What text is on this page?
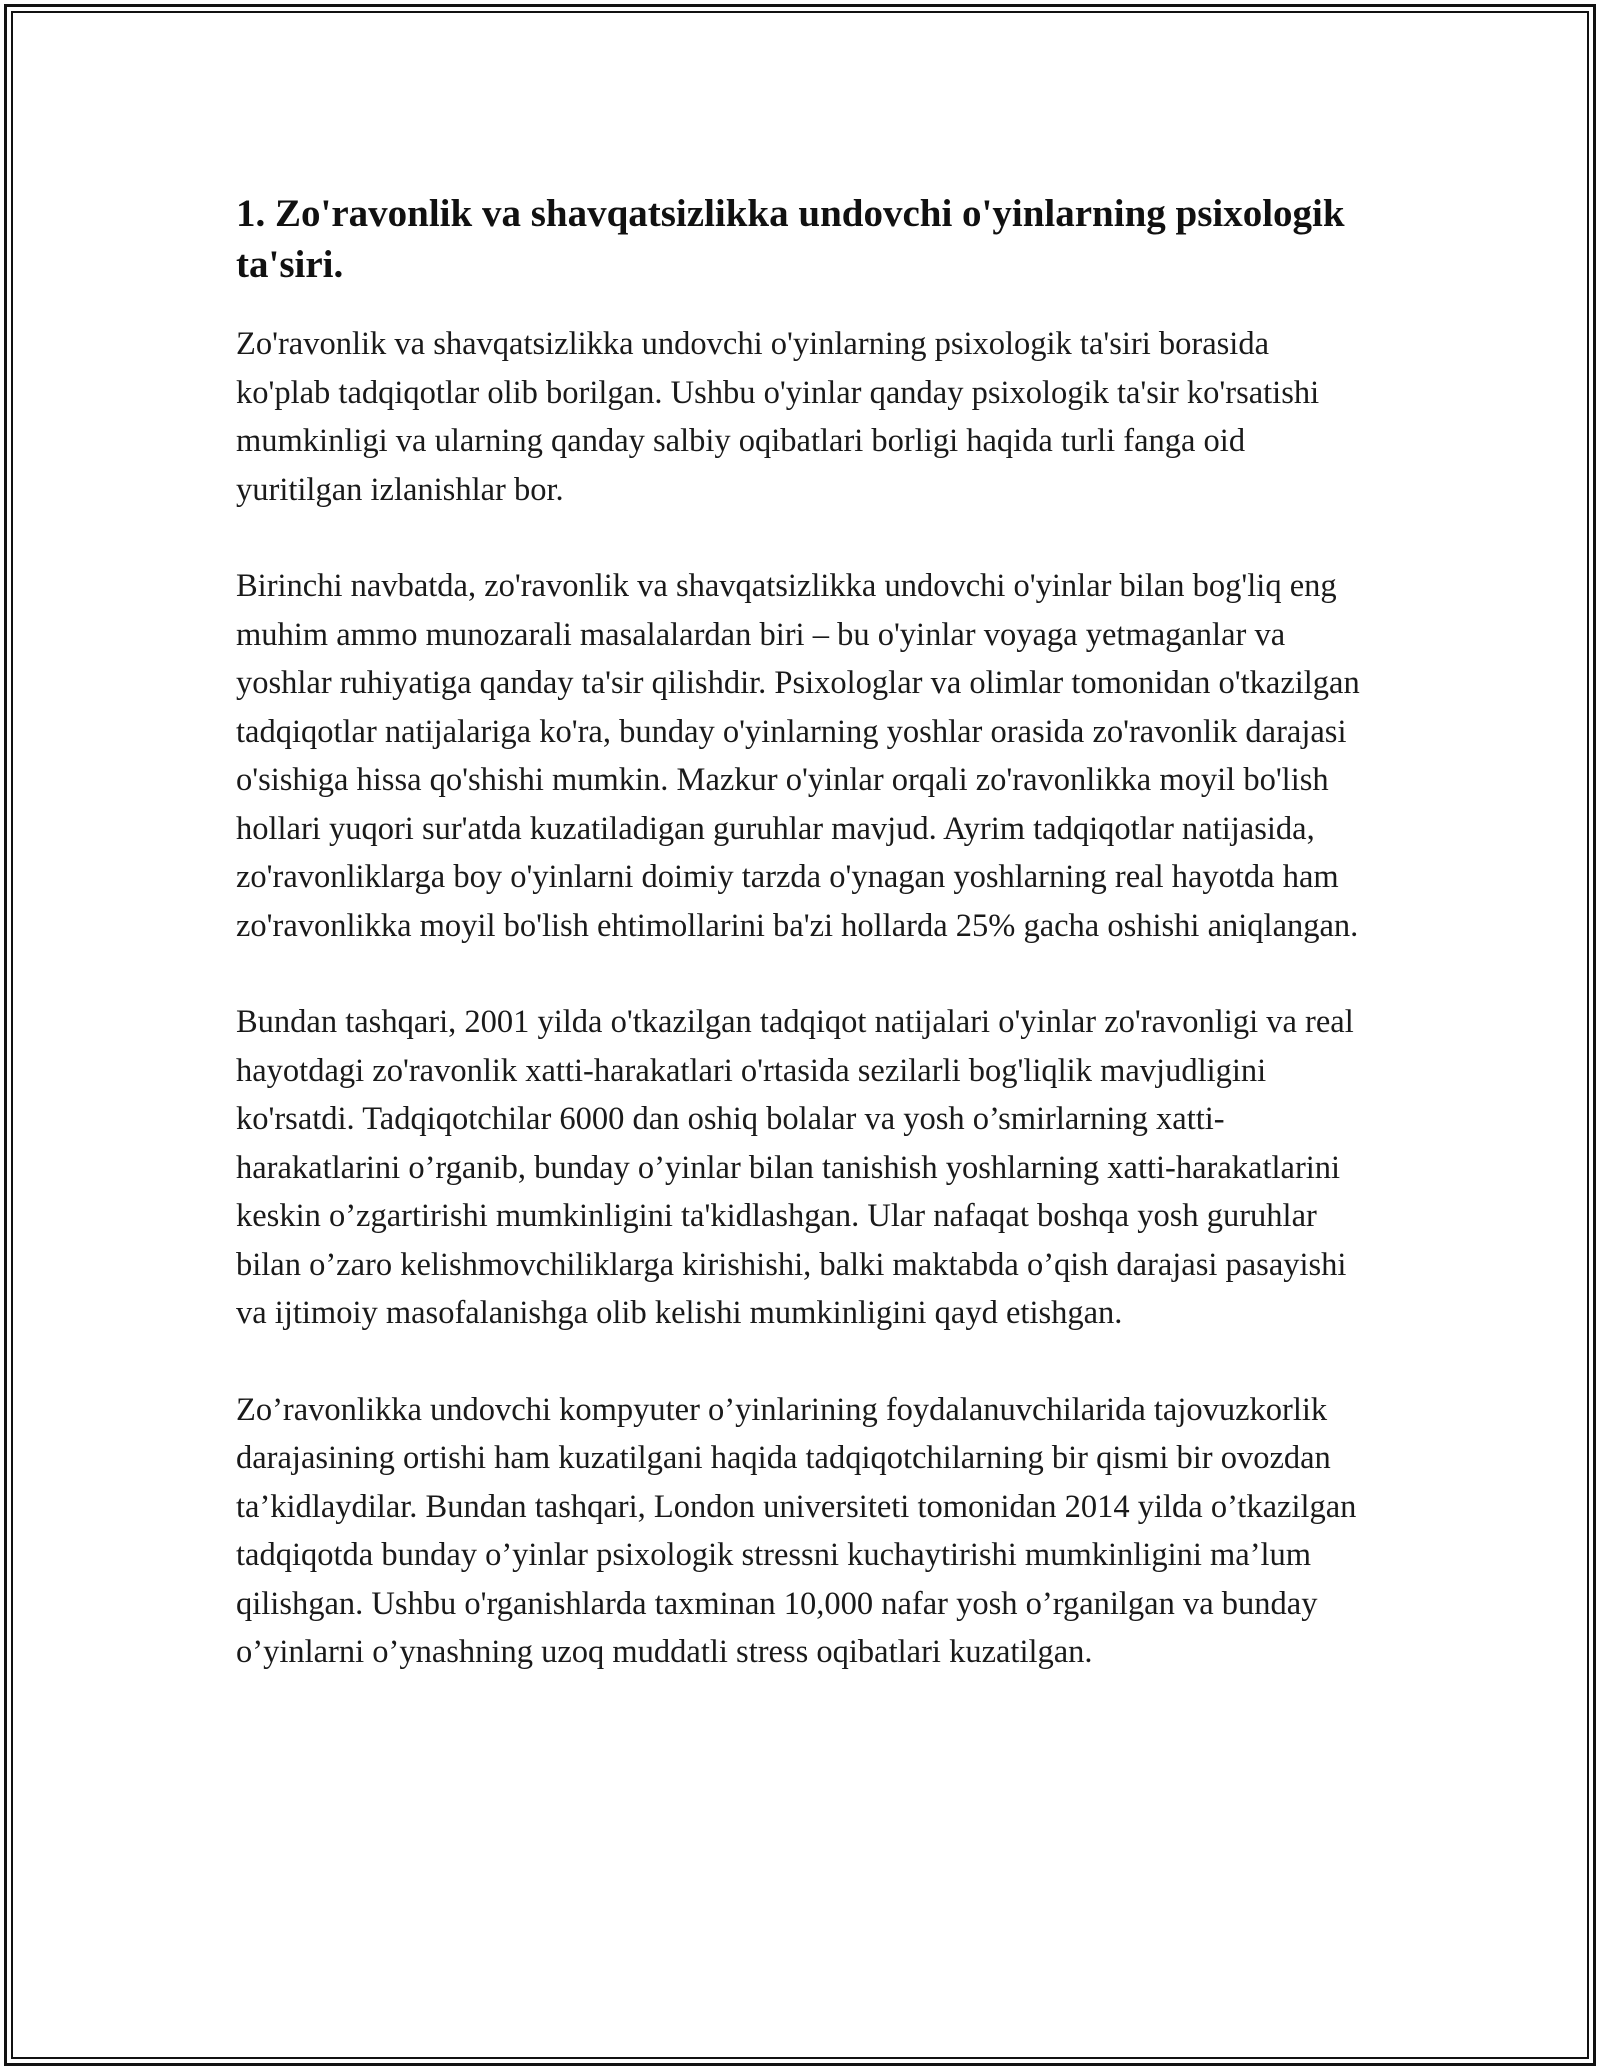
1. Zo'ravonlik va shavqatsizlikka undovchi o'yinlarning psixologik ta'siri.

Zo'ravonlik va shavqatsizlikka undovchi o'yinlarning psixologik ta'siri borasida ko'plab tadqiqotlar olib borilgan. Ushbu o'yinlar qanday psixologik ta'sir ko'rsatishi mumkinligi va ularning qanday salbiy oqibatlari borligi haqida turli fanga oid yuritilgan izlanishlar bor.

Birinchi navbatda, zo'ravonlik va shavqatsizlikka undovchi o'yinlar bilan bog'liq eng muhim ammo munozarali masalalardan biri – bu o'yinlar voyaga yetmaganlar va yoshlar ruhiyatiga qanday ta'sir qilishdir. Psixologlar va olimlar tomonidan o'tkazilgan tadqiqotlar natijalariga ko'ra, bunday o'yinlarning yoshlar orasida zo'ravonlik darajasi o'sishiga hissa qo'shishi mumkin. Mazkur o'yinlar orqali zo'ravonlikka moyil bo'lish hollari yuqori sur'atda kuzatiladigan guruhlar mavjud. Ayrim tadqiqotlar natijasida, zo'ravonliklarga boy o'yinlarni doimiy tarzda o'ynagan yoshlarning real hayotda ham zo'ravonlikka moyil bo'lish ehtimollarini ba'zi hollarda 25% gacha oshishi aniqlangan.

Bundan tashqari, 2001 yilda o'tkazilgan tadqiqot natijalari o'yinlar zo'ravonligi va real hayotdagi zo'ravonlik xatti-harakatlari o'rtasida sezilarli bog'liqlik mavjudligini ko'rsatdi. Tadqiqotchilar 6000 dan oshiq bolalar va yosh o’smirlarning xatti-harakatlarini o’rganib, bunday o’yinlar bilan tanishish yoshlarning xatti-harakatlarini keskin o’zgartirishi mumkinligini ta'kidlashgan. Ular nafaqat boshqa yosh guruhlar bilan o’zaro kelishmovchiliklarga kirishishi, balki maktabda o’qish darajasi pasayishi va ijtimoiy masofalanishga olib kelishi mumkinligini qayd etishgan.

Zo’ravonlikka undovchi kompyuter o’yinlarining foydalanuvchilarida tajovuzkorlik darajasining ortishi ham kuzatilgani haqida tadqiqotchilarning bir qismi bir ovozdan ta’kidlaydilar. Bundan tashqari, London universiteti tomonidan 2014 yilda o’tkazilgan tadqiqotda bunday o’yinlar psixologik stressni kuchaytirishi mumkinligini ma’lum qilishgan. Ushbu o'rganishlarda taxminan 10,000 nafar yosh o’rganilgan va bunday o’yinlarni o’ynashning uzoq muddatli stress oqibatlari kuzatilgan.
